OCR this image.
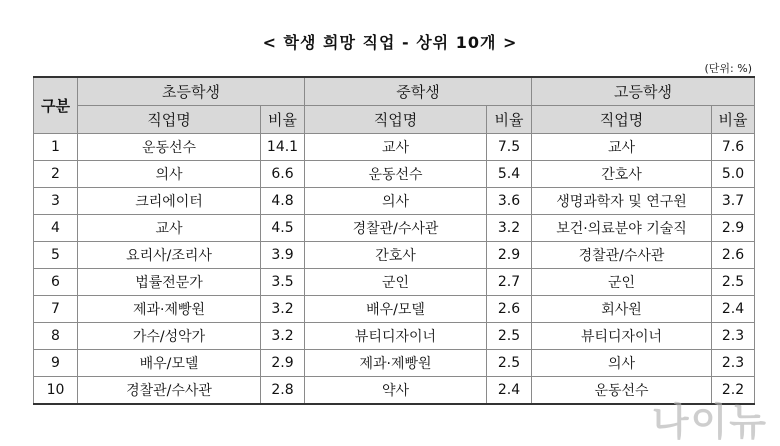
< 학생 희망 직업 - 상위 10개 >
(단위: %)
구분	초등학생		중학생		고등학생	
	직업명	비율	직업명	비율	직업명	비율
1	운동선수	14.1	교사	7.5	교사	7.6
2	의사	6.6	운동선수	5.4	간호사	5.0
3	크리에이터	4.8	의사	3.6	생명과학자 및 연구원	3.7
4	교사	4.5	경찰관/수사관	3.2	보건·의료분야 기술직	2.9
5	요리사/조리사	3.9	간호사	2.9	경찰관/수사관	2.6
6	법률전문가	3.5	군인	2.7	군인	2.5
7	제과·제빵원	3.2	배우/모델	2.6	회사원	2.4
8	가수/성악가	3.2	뷰티디자이너	2.5	뷰티디자이너	2.3
9	배우/모델	2.9	제과·제빵원	2.5	의사	2.3
10	경찰관/수사관	2.8	약사	2.4	운동선수	2.2
나이뉴
